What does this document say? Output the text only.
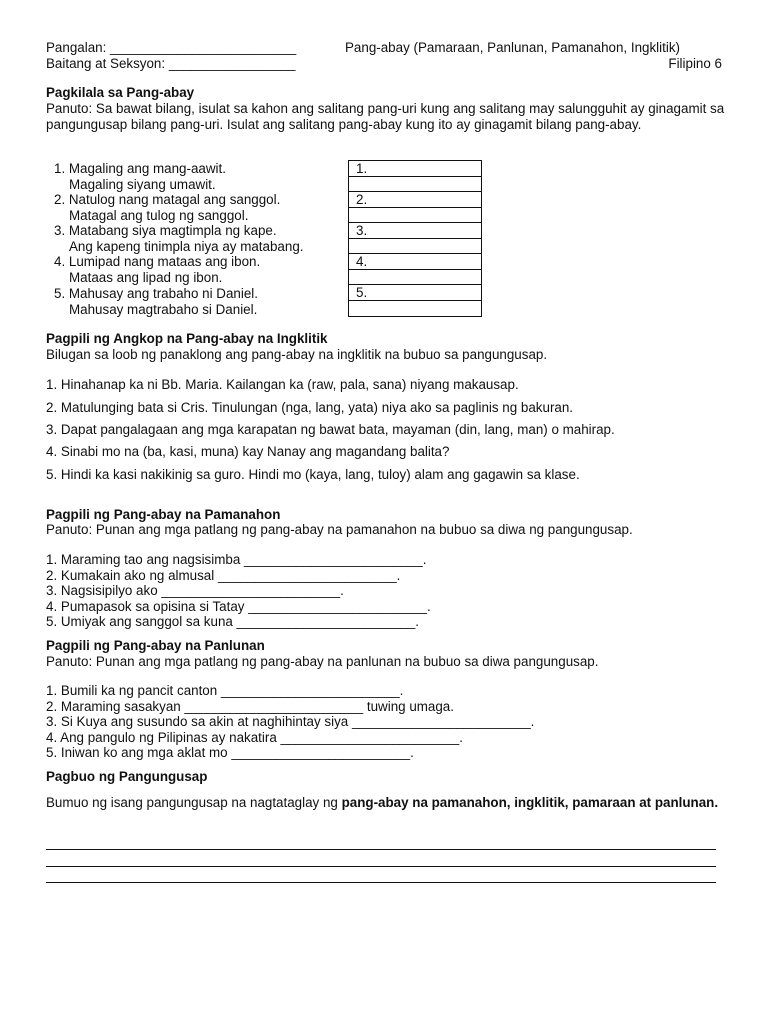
Pangalan: _________________________	Pang-abay (Pamaraan, Panlunan, Pamanahon, Ingklitik)
Baitang at Seksyon: _________________	Filipino 6
Pagkilala sa Pang-abay
Panuto: Sa bawat bilang, isulat sa kahon ang salitang pang-uri kung ang salitang may salungguhit ay ginagamit sa pangungusap bilang pang-uri. Isulat ang salitang pang-abay kung ito ay ginagamit bilang pang-abay.
1. Magaling ang mang-aawit.
Magaling siyang umawit.
2. Natulog nang matagal ang sanggol.
Matagal ang tulog ng sanggol.
3. Matabang siya magtimpla ng kape.
Ang kapeng tinimpla niya ay matabang.
4. Lumipad nang mataas ang ibon.
Mataas ang lipad ng ibon.
5. Mahusay ang trabaho ni Daniel.
Mahusay magtrabaho si Daniel.
1.
2.
3.
4.
5.
Pagpili ng Angkop na Pang-abay na Ingklitik
Bilugan sa loob ng panaklong ang pang-abay na ingklitik na bubuo sa pangungusap.
1. Hinahanap ka ni Bb. Maria. Kailangan ka (raw, pala, sana) niyang makausap.
2. Matulunging bata si Cris. Tinulungan (nga, lang, yata) niya ako sa paglinis ng bakuran.
3. Dapat pangalagaan ang mga karapatan ng bawat bata, mayaman (din, lang, man) o mahirap.
4. Sinabi mo na (ba, kasi, muna) kay Nanay ang magandang balita?
5. Hindi ka kasi nakikinig sa guro. Hindi mo (kaya, lang, tuloy) alam ang gagawin sa klase.
Pagpili ng Pang-abay na Pamanahon
Panuto: Punan ang mga patlang ng pang-abay na pamanahon na bubuo sa diwa ng pangungusap.
1. Maraming tao ang nagsisimba ________________________.
2. Kumakain ako ng almusal ________________________.
3. Nagsisipilyo ako ________________________.
4. Pumapasok sa opisina si Tatay ________________________.
5. Umiyak ang sanggol sa kuna ________________________.
Pagpili ng Pang-abay na Panlunan
Panuto: Punan ang mga patlang ng pang-abay na panlunan na bubuo sa diwa pangungusap.
1. Bumili ka ng pancit canton ________________________.
2. Maraming sasakyan ________________________ tuwing umaga.
3. Si Kuya ang susundo sa akin at naghihintay siya ________________________.
4. Ang pangulo ng Pilipinas ay nakatira ________________________.
5. Iniwan ko ang mga aklat mo ________________________.
Pagbuo ng Pangungusap
Bumuo ng isang pangungusap na nagtataglay ng pang-abay na pamanahon, ingklitik, pamaraan at panlunan.
